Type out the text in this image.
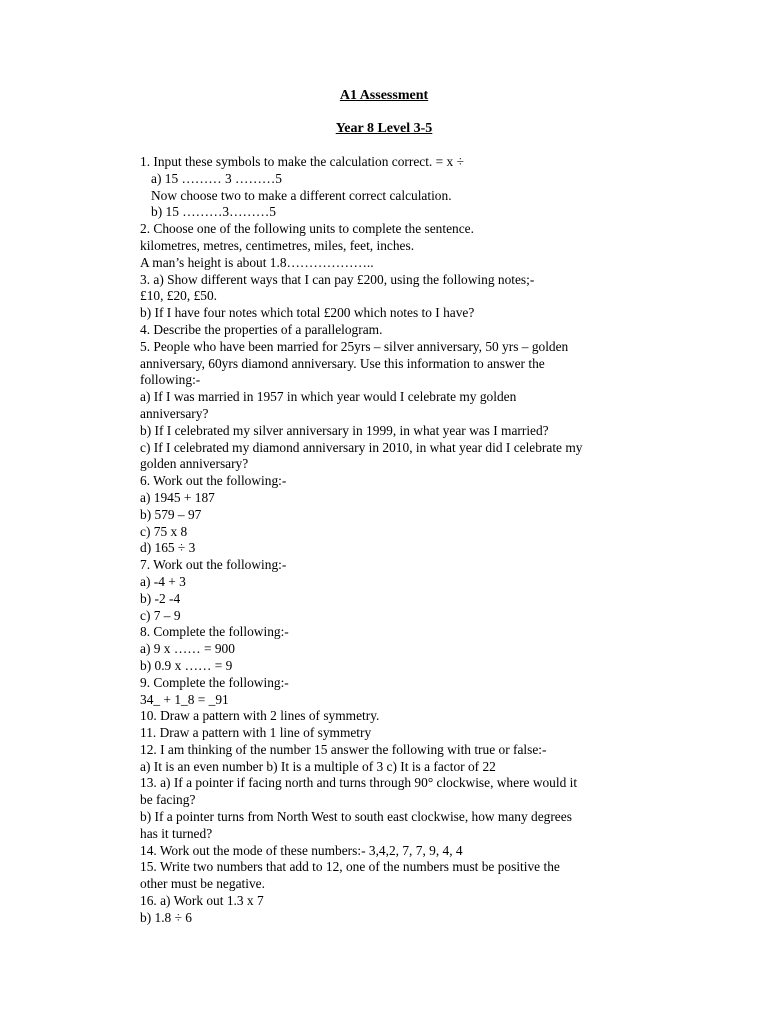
A1 Assessment
Year 8 Level 3-5
1. Input these symbols to make the calculation correct. = x ÷
a) 15 ……… 3 ………5
Now choose two to make a different correct calculation.
b) 15 ………3………5
2. Choose one of the following units to complete the sentence.
kilometres, metres, centimetres, miles, feet, inches.
A man’s height is about 1.8………………..
3. a) Show different ways that I can pay £200, using the following notes;-
£10, £20, £50.
b) If I have four notes which total £200 which notes to I have?
4. Describe the properties of a parallelogram.
5. People who have been married for 25yrs – silver anniversary, 50 yrs – golden
anniversary, 60yrs diamond anniversary. Use this information to answer the
following:-
a) If I was married in 1957 in which year would I celebrate my golden
anniversary?
b) If I celebrated my silver anniversary in 1999, in what year was I married?
c) If I celebrated my diamond anniversary in 2010, in what year did I celebrate my
golden anniversary?
6. Work out the following:-
a) 1945 + 187
b) 579 – 97
c) 75 x 8
d) 165 ÷ 3
7. Work out the following:-
a) -4 + 3
b) -2 -4
c) 7 – 9
8. Complete the following:-
a) 9 x …… = 900
b) 0.9 x …… = 9
9. Complete the following:-
34_ + 1_8 = _91
10. Draw a pattern with 2 lines of symmetry.
11. Draw a pattern with 1 line of symmetry
12. I am thinking of the number 15 answer the following with true or false:-
a) It is an even number b) It is a multiple of 3 c) It is a factor of 22
13. a) If a pointer if facing north and turns through 90° clockwise, where would it
be facing?
b) If a pointer turns from North West to south east clockwise, how many degrees
has it turned?
14. Work out the mode of these numbers:- 3,4,2, 7, 7, 9, 4, 4
15. Write two numbers that add to 12, one of the numbers must be positive the
other must be negative.
16. a) Work out 1.3 x 7
b) 1.8 ÷ 6
